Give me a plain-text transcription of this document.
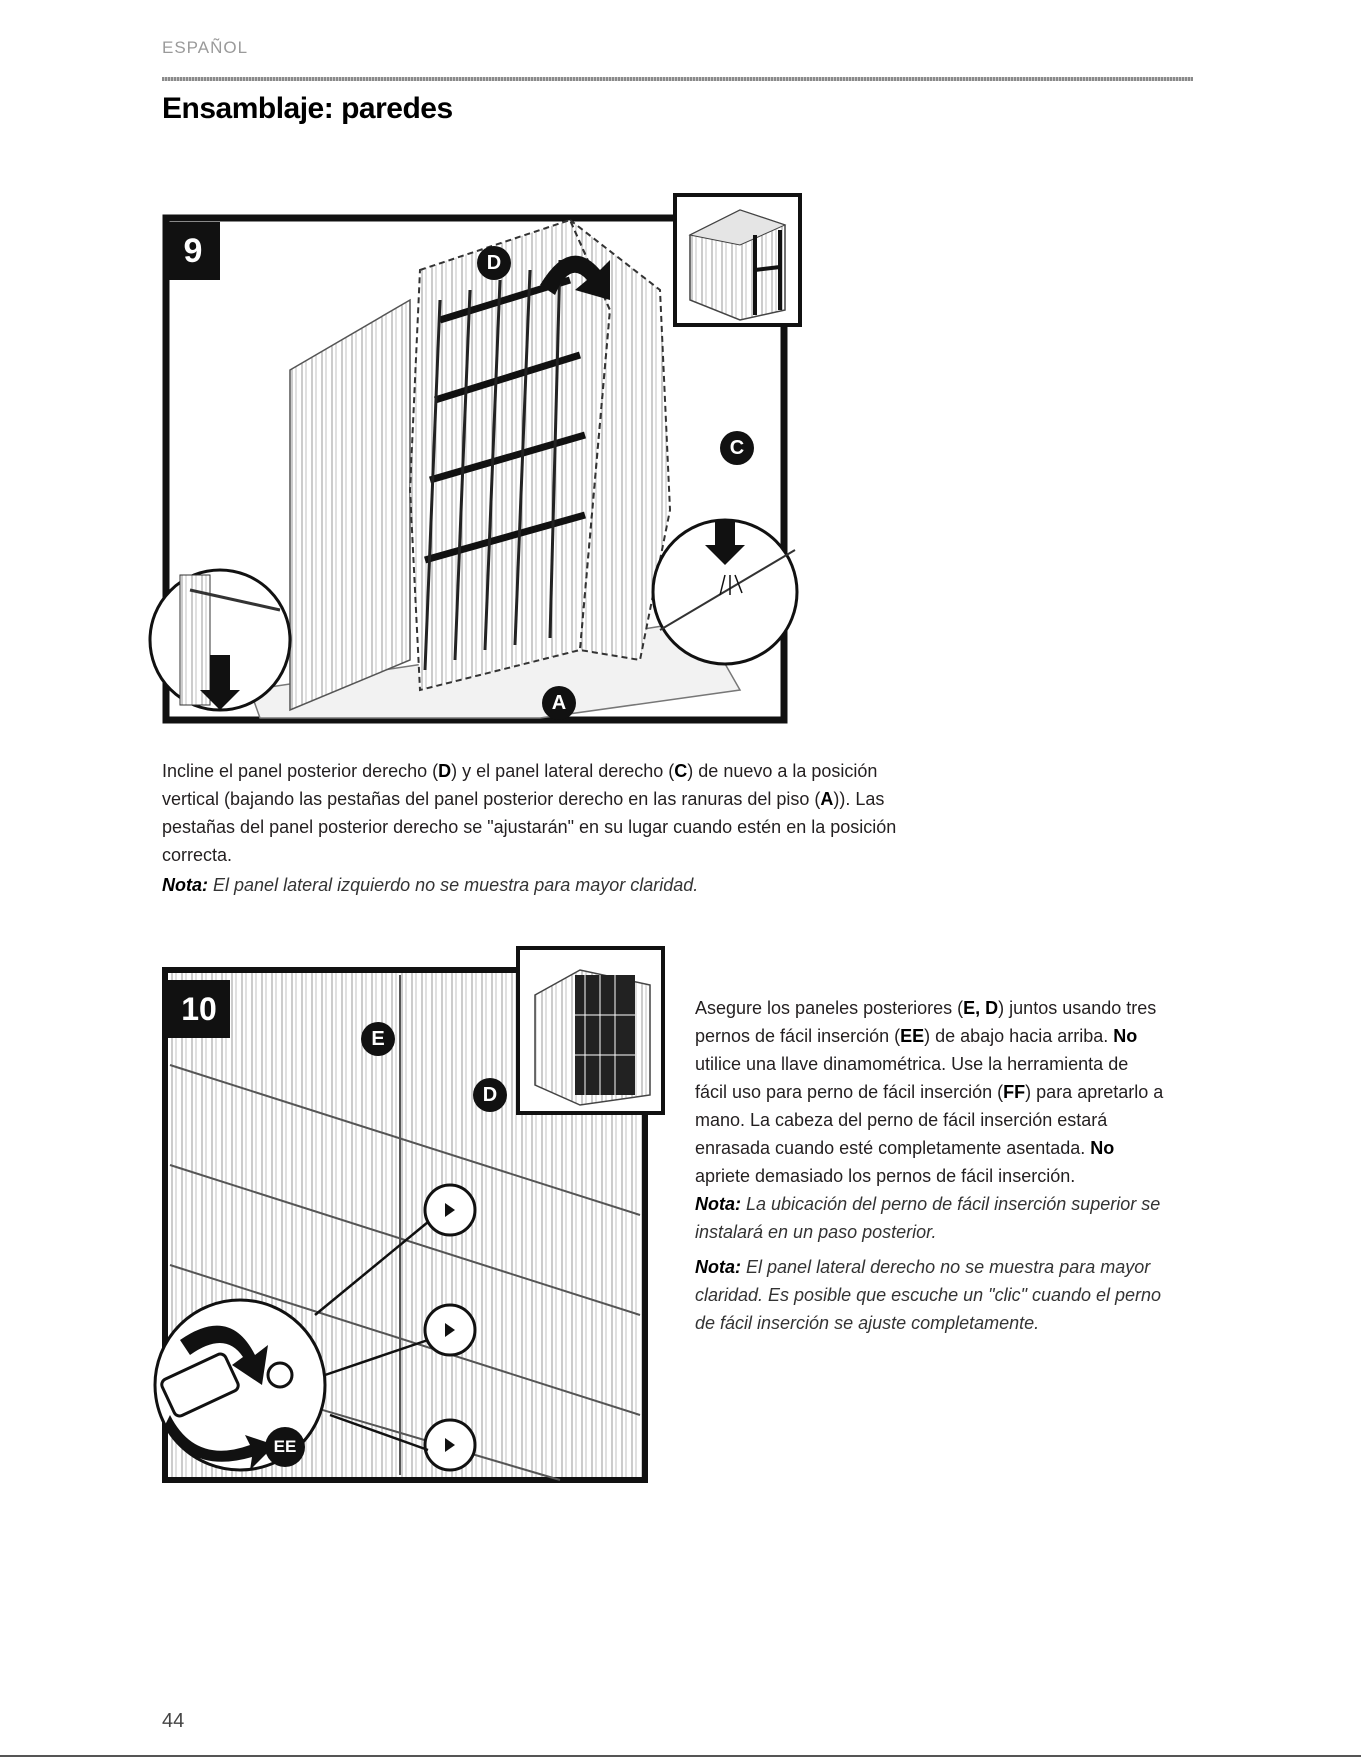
ESPAÑOL
Ensamblaje: paredes
9	D
C
A

Incline el panel posterior derecho (D) y el panel lateral derecho (C) de nuevo a la posición vertical (bajando las pestañas del panel posterior derecho en las ranuras del piso (A)). Las pestañas del panel posterior derecho se "ajustarán" en su lugar cuando estén en la posición correcta.

Nota: El panel lateral izquierdo no se muestra para mayor claridad.

10
E
D
EE

Asegure los paneles posteriores (E, D) juntos usando tres pernos de fácil inserción (EE) de abajo hacia arriba. No utilice una llave dinamométrica. Use la herramienta de fácil uso para perno de fácil inserción (FF) para apretarlo a mano. La cabeza del perno de fácil inserción estará enrasada cuando esté completamente asentada. No apriete demasiado los pernos de fácil inserción.

Nota: La ubicación del perno de fácil inserción superior se instalará en un paso posterior.

Nota: El panel lateral derecho no se muestra para mayor claridad. Es posible que escuche un "clic" cuando el perno de fácil inserción se ajuste completamente.

44
